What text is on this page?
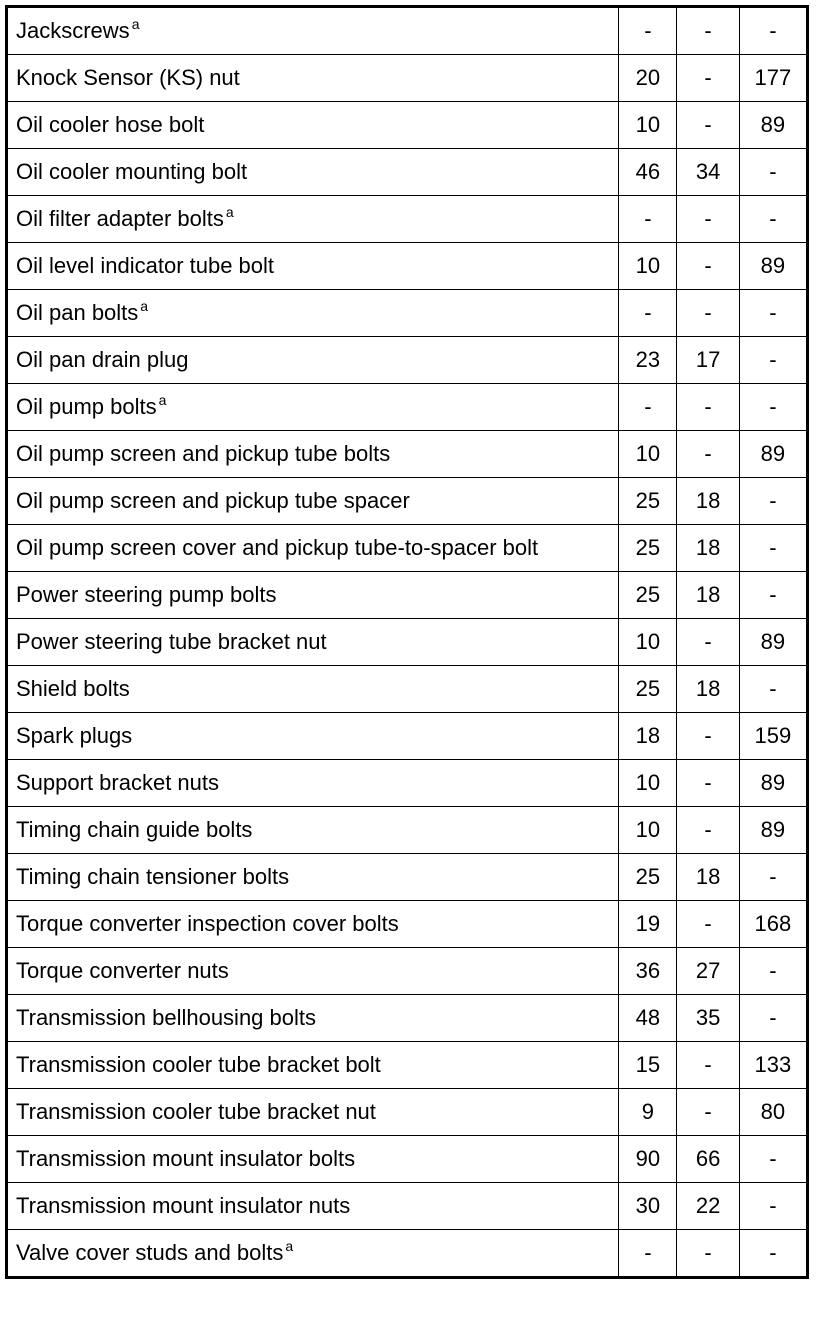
Jackscrews $^a$	-	-	-
Knock Sensor (KS) nut	20	-	177
Oil cooler hose bolt	10	-	89
Oil cooler mounting bolt	46	34	-
Oil filter adapter bolts $^a$	-	-	-
Oil level indicator tube bolt	10	-	89
Oil pan bolts $^a$	-	-	-
Oil pan drain plug	23	17	-
Oil pump bolts $^a$	-	-	-
Oil pump screen and pickup tube bolts	10	-	89
Oil pump screen and pickup tube spacer	25	18	-
Oil pump screen cover and pickup tube-to-spacer bolt	25	18	-
Power steering pump bolts	25	18	-
Power steering tube bracket nut	10	-	89
Shield bolts	25	18	-
Spark plugs	18	-	159
Support bracket nuts	10	-	89
Timing chain guide bolts	10	-	89
Timing chain tensioner bolts	25	18	-
Torque converter inspection cover bolts	19	-	168
Torque converter nuts	36	27	-
Transmission bellhousing bolts	48	35	-
Transmission cooler tube bracket bolt	15	-	133
Transmission cooler tube bracket nut	9	-	80
Transmission mount insulator bolts	90	66	-
Transmission mount insulator nuts	30	22	-
Valve cover studs and bolts $^a$	-	-	-
